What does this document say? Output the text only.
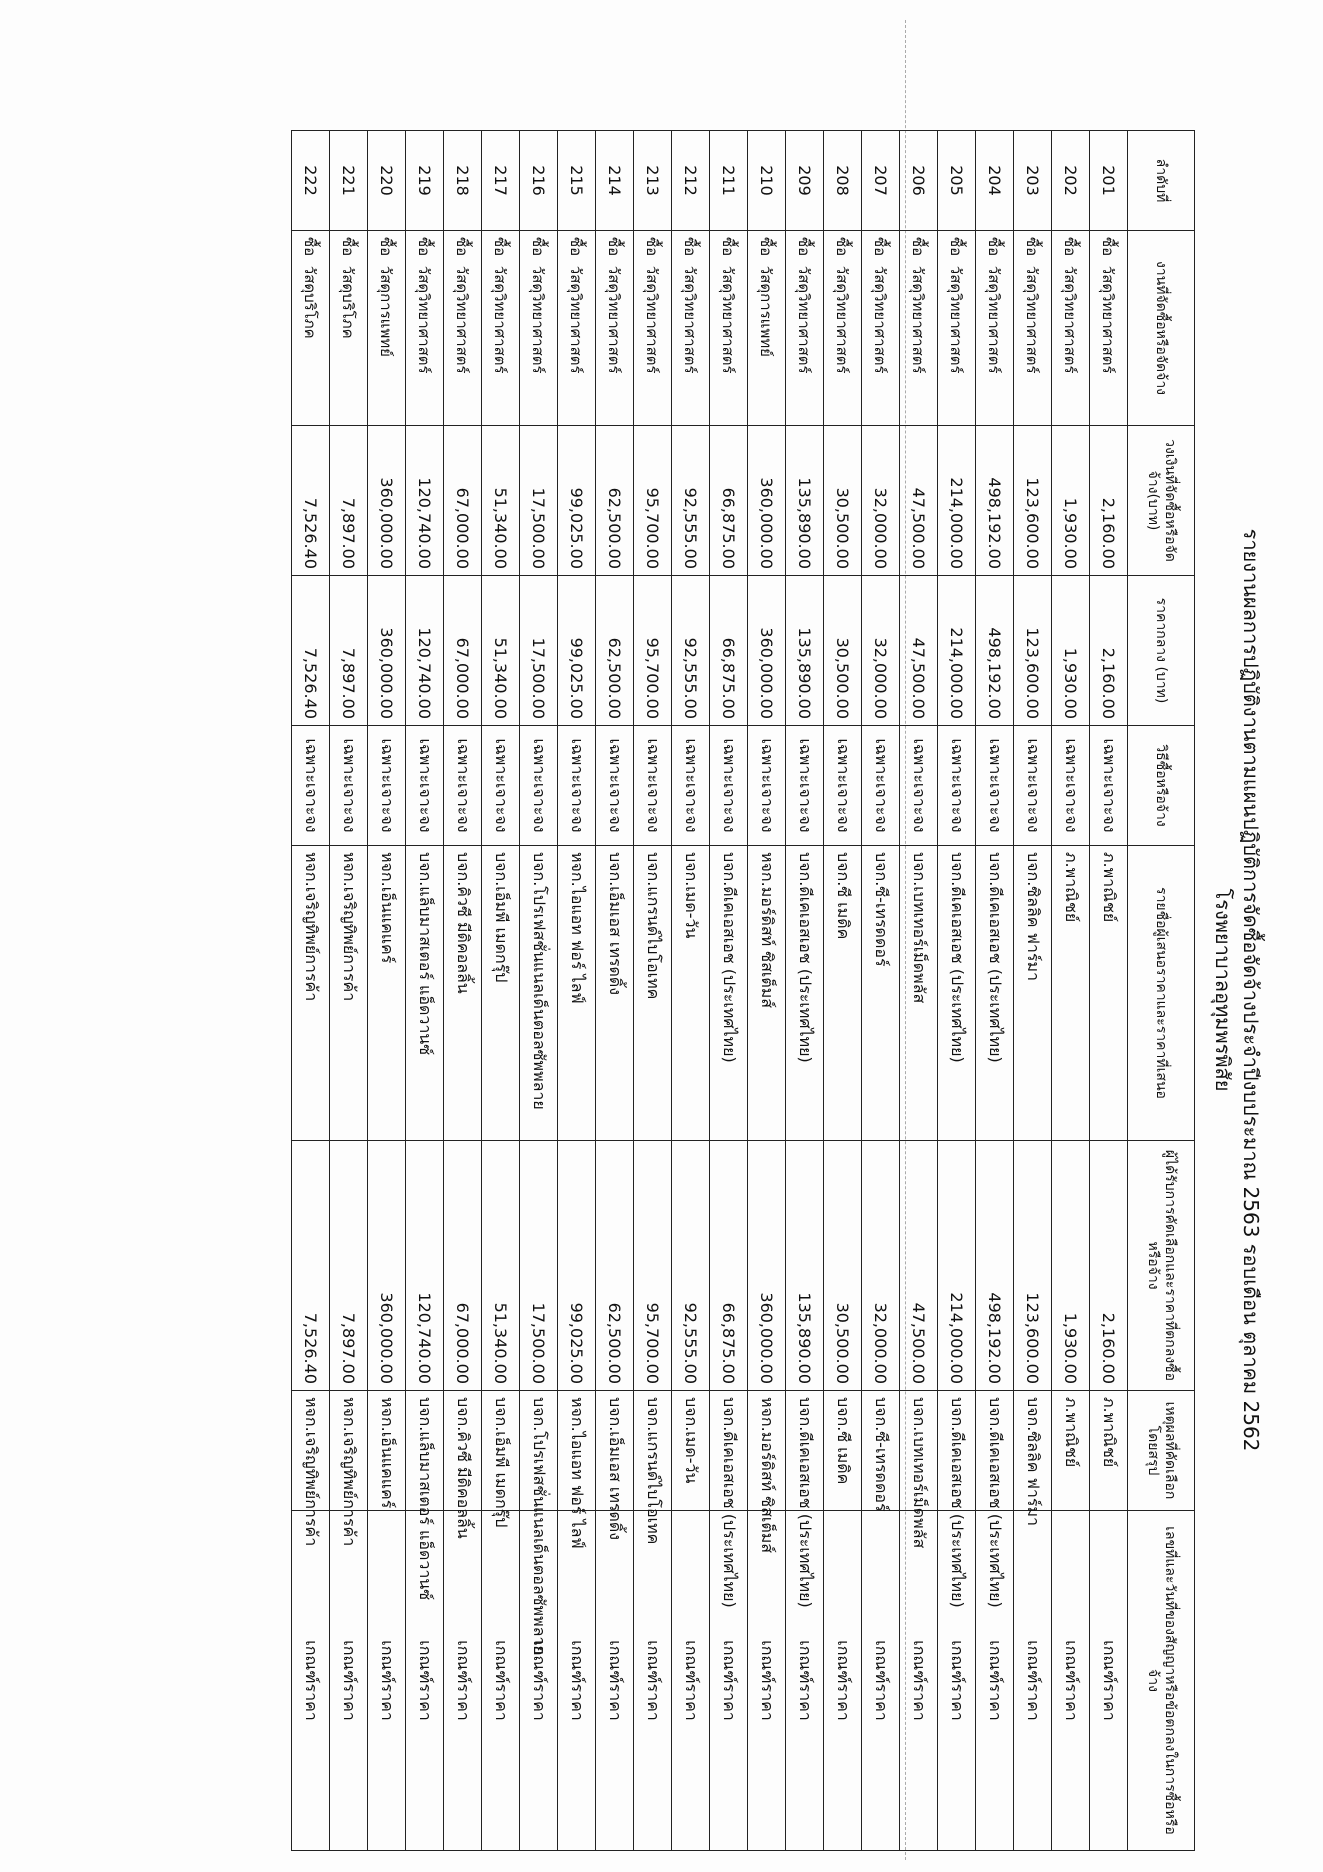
รายงานผลการปฏิบัติงานตามแผนปฏิบัติการจัดซื้อจัดจ้างประจำปีงบประมาณ 2563 รอบเดือน ตุลาคม 2562
โรงพยาบาลอุทุมพรพิสัย
ลำดับที่	งานที่จัดซื้อหรือจัดจ้าง	วงเงินที่จัดซื้อหรือจัดจ้าง(บาท)	ราคากลาง (บาท)	วิธีซื้อหรือจ้าง	รายชื่อผู้เสนอราคาและราคาที่เสนอ	ผู้ได้รับการคัดเลือกและราคาที่ตกลงซื้อหรือจ้าง	เหตุผลที่คัดเลือกโดยสรุป	เลขที่และวันที่ของสัญญาหรือข้อตกลงในการซื้อหรือจ้าง	
201	ซื้อ วัสดุวิทยาศาสตร์	2,160.00	2,160.00	เฉพาะเจาะจง	ภ.พาณิชย์	2,160.00	ภ.พาณิชย์	เกณฑ์ราคา	
202	ซื้อ วัสดุวิทยาศาสตร์	1,930.00	1,930.00	เฉพาะเจาะจง	ภ.พาณิชย์	1,930.00	ภ.พาณิชย์	เกณฑ์ราคา	
203	ซื้อ วัสดุวิทยาศาสตร์	123,600.00	123,600.00	เฉพาะเจาะจง	บจก.ซิลลิค ฟาร์มา	123,600.00	บจก.ซิลลิค ฟาร์มา	เกณฑ์ราคา	
204	ซื้อ วัสดุวิทยาศาสตร์	498,192.00	498,192.00	เฉพาะเจาะจง	บจก.ดีเคเอสเอช (ประเทศไทย)	498,192.00	บจก.ดีเคเอสเอช (ประเทศไทย)	เกณฑ์ราคา	
205	ซื้อ วัสดุวิทยาศาสตร์	214,000.00	214,000.00	เฉพาะเจาะจง	บจก.ดีเคเอสเอช (ประเทศไทย)	214,000.00	บจก.ดีเคเอสเอช (ประเทศไทย)	เกณฑ์ราคา	
206	ซื้อ วัสดุวิทยาศาสตร์	47,500.00	47,500.00	เฉพาะเจาะจง	บจก.เบทเทอร์เม็ดพลัส	47,500.00	บจก.เบทเทอร์เม็ดพลัส	เกณฑ์ราคา	
207	ซื้อ วัสดุวิทยาศาสตร์	32,000.00	32,000.00	เฉพาะเจาะจง	บจก.ซี-เทรดดอร์	32,000.00	บจก.ซี-เทรดดอร์	เกณฑ์ราคา	
208	ซื้อ วัสดุวิทยาศาสตร์	30,500.00	30,500.00	เฉพาะเจาะจง	บจก.ซี เมดิค	30,500.00	บจก.ซี เมดิค	เกณฑ์ราคา	
209	ซื้อ วัสดุวิทยาศาสตร์	135,890.00	135,890.00	เฉพาะเจาะจง	บจก.ดีเคเอสเอช (ประเทศไทย)	135,890.00	บจก.ดีเคเอสเอช (ประเทศไทย)	เกณฑ์ราคา	
210	ซื้อ วัสดุการแพทย์	360,000.00	360,000.00	เฉพาะเจาะจง	หจก.มอร์ดิสท์ ซิสเต็มส์	360,000.00	หจก.มอร์ดิสท์ ซิสเต็มส์	เกณฑ์ราคา	
211	ซื้อ วัสดุวิทยาศาสตร์	66,875.00	66,875.00	เฉพาะเจาะจง	บจก.ดีเคเอสเอช (ประเทศไทย)	66,875.00	บจก.ดีเคเอสเอช (ประเทศไทย)	เกณฑ์ราคา	
212	ซื้อ วัสดุวิทยาศาสตร์	92,555.00	92,555.00	เฉพาะเจาะจง	บจก.เมด-วัน	92,555.00	บจก.เมด-วัน	เกณฑ์ราคา	
213	ซื้อ วัสดุวิทยาศาสตร์	95,700.00	95,700.00	เฉพาะเจาะจง	บจก.แกรนด์ไบโอเทค	95,700.00	บจก.แกรนด์ไบโอเทค	เกณฑ์ราคา	
214	ซื้อ วัสดุวิทยาศาสตร์	62,500.00	62,500.00	เฉพาะเจาะจง	บจก.เอ็มเอส เทรดดิ้ง	62,500.00	บจก.เอ็มเอส เทรดดิ้ง	เกณฑ์ราคา	
215	ซื้อ วัสดุวิทยาศาสตร์	99,025.00	99,025.00	เฉพาะเจาะจง	หจก.ไอแอท ฟอร์ ไลฟ์	99,025.00	หจก.ไอแอท ฟอร์ ไลฟ์	เกณฑ์ราคา	
216	ซื้อ วัสดุวิทยาศาสตร์	17,500.00	17,500.00	เฉพาะเจาะจง	บจก.โปรเฟสชั่นแนลเด็นตอลซัพพลาย	17,500.00	บจก.โปรเฟสชั่นแนลเด็นตอลซัพพลาย	เกณฑ์ราคา	
217	ซื้อ วัสดุวิทยาศาสตร์	51,340.00	51,340.00	เฉพาะเจาะจง	บจก.เอ็มพี เมดกรุ๊ป	51,340.00	บจก.เอ็มพี เมดกรุ๊ป	เกณฑ์ราคา	
218	ซื้อ วัสดุวิทยาศาสตร์	67,000.00	67,000.00	เฉพาะเจาะจง	บจก.คิวซี มีดิคอลลิ้น	67,000.00	บจก.คิวซี มีดิคอลลิ้น	เกณฑ์ราคา	
219	ซื้อ วัสดุวิทยาศาสตร์	120,740.00	120,740.00	เฉพาะเจาะจง	บจก.แล็บมาสเตอร์ แอ็ดวานซ์	120,740.00	บจก.แล็บมาสเตอร์ แอ็ดวานซ์	เกณฑ์ราคา	
220	ซื้อ วัสดุการแพทย์	360,000.00	360,000.00	เฉพาะเจาะจง	หจก.เอ็นแคแคร์	360,000.00	หจก.เอ็นแคแคร์	เกณฑ์ราคา	
221	ซื้อ วัสดุบริโภค	7,897.00	7,897.00	เฉพาะเจาะจง	หจก.เจริญทิพย์การค้า	7,897.00	หจก.เจริญทิพย์การค้า	เกณฑ์ราคา	
222	ซื้อ วัสดุบริโภค	7,526.40	7,526.40	เฉพาะเจาะจง	หจก.เจริญทิพย์การค้า	7,526.40	หจก.เจริญทิพย์การค้า	เกณฑ์ราคา	
